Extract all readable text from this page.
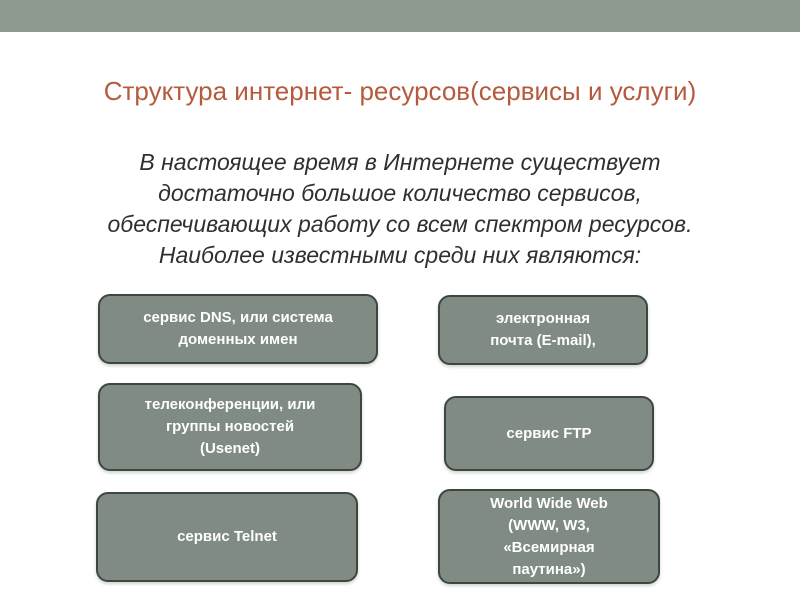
Структура интернет- ресурсов(сервисы и услуги)
В настоящее время в Интернете существует
достаточно большое количество сервисов,
обеспечивающих работу со всем спектром ресурсов.
Наиболее известными среди них являются:
сервис DNS, или система
доменных имен
электронная
почта (E-mail),
телеконференции, или
группы новостей
(Usenet)
сервис FTP
сервис Telnet
World Wide Web
(WWW, W3,
«Всемирная
паутина»)
